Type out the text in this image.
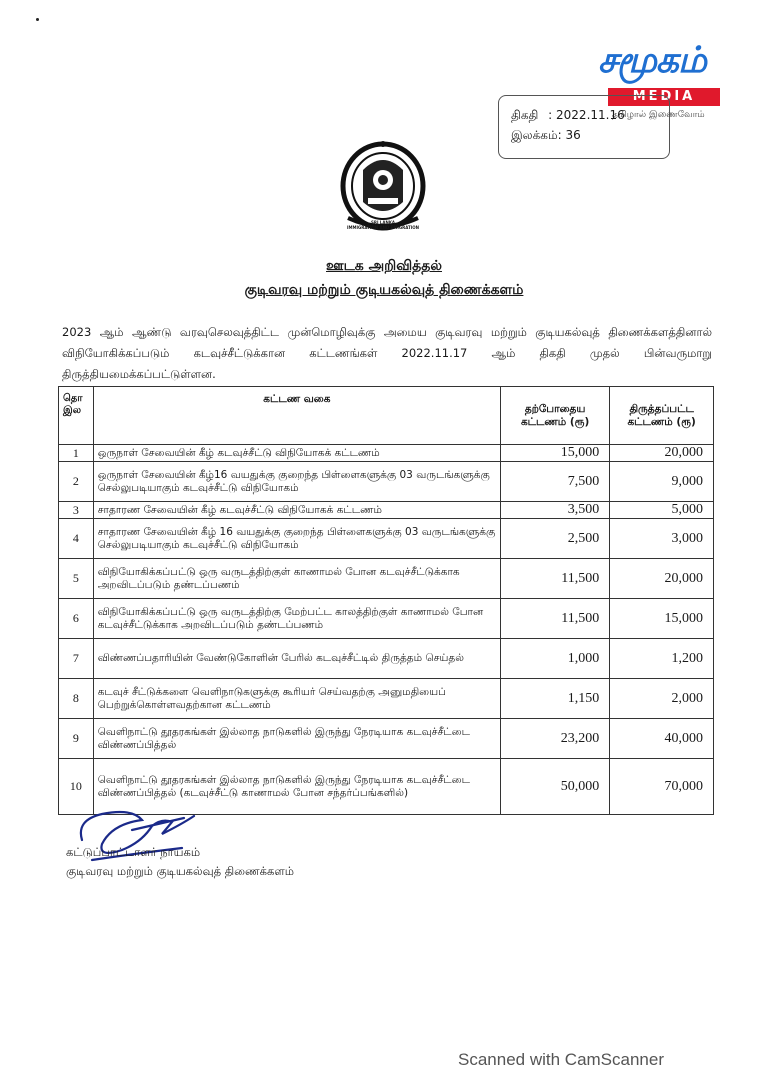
சமூகம்
MEDIA
தமிழால் இணைவோம்
திகதி : 2022.11.16
இலக்கம்: 36
SRI LANKA
IMMIGRATION AND EMIGRATION
ஊடக அறிவித்தல்
குடிவரவு மற்றும் குடியகல்வுத் திணைக்களம்
2023 ஆம் ஆண்டு வரவுசெலவுத்திட்ட முன்மொழிவுக்கு அமைய குடிவரவு மற்றும் குடியகல்வுத் திணைக்களத்தினால் விநியோகிக்கப்படும் கடவுச்சீட்டுக்கான கட்டணங்கள் 2022.11.17 ஆம் திகதி முதல் பின்வருமாறு திருத்தியமைக்கப்பட்டுள்ளன.
தொ இல	கட்டண வகை	தற்போதைய கட்டணம் (ரூ)	திருத்தப்பட்ட கட்டணம் (ரூ)
1	ஒருநாள் சேவையின் கீழ் கடவுச்சீட்டு விநியோகக் கட்டணம்	15,000	20,000
2	ஒருநாள் சேவையின் கீழ்16 வயதுக்கு குறைந்த பிள்ளைகளுக்கு 03 வருடங்களுக்கு செல்லுபடியாகும் கடவுச்சீட்டு விநியோகம்	7,500	9,000
3	சாதாரண சேவையின் கீழ் கடவுச்சீட்டு விநியோகக் கட்டணம்	3,500	5,000
4	சாதாரண சேவையின் கீழ் 16 வயதுக்கு குறைந்த பிள்ளைகளுக்கு 03 வருடங்களுக்கு செல்லுபடியாகும் கடவுச்சீட்டு விநியோகம்	2,500	3,000
5	விநியோகிக்கப்பட்டு ஒரு வருடத்திற்குள் காணாமல் போன கடவுச்சீட்டுக்காக அறவிடப்படும் தண்டப்பணம்	11,500	20,000
6	விநியோகிக்கப்பட்டு ஒரு வருடத்திற்கு மேற்பட்ட காலத்திற்குள் காணாமல் போன கடவுச்சீட்டுக்காக அறவிடப்படும் தண்டப்பணம்	11,500	15,000
7	விண்ணப்பதாரியின் வேண்டுகோளின் பேரில் கடவுச்சீட்டில் திருத்தம் செய்தல்	1,000	1,200
8	கடவுச் சீட்டுக்களை வெளிநாடுகளுக்கு கூரியர் செய்வதற்கு அனுமதியைப் பெற்றுக்கொள்ளவதற்கான கட்டணம்	1,150	2,000
9	வெளிநாட்டு தூதரகங்கள் இல்லாத நாடுகளில் இருந்து நேரடியாக கடவுச்சீட்டை விண்ணப்பித்தல்	23,200	40,000
10	வெளிநாட்டு தூதரகங்கள் இல்லாத நாடுகளில் இருந்து நேரடியாக கடவுச்சீட்டை விண்ணப்பித்தல் (கடவுச்சீட்டு காணாமல் போன சந்தர்ப்பங்களில்)	50,000	70,000
கட்டுப்பாட்டாளர் நாயகம்
குடிவரவு மற்றும் குடியகல்வுத் திணைக்களம்
Scanned with CamScanner
